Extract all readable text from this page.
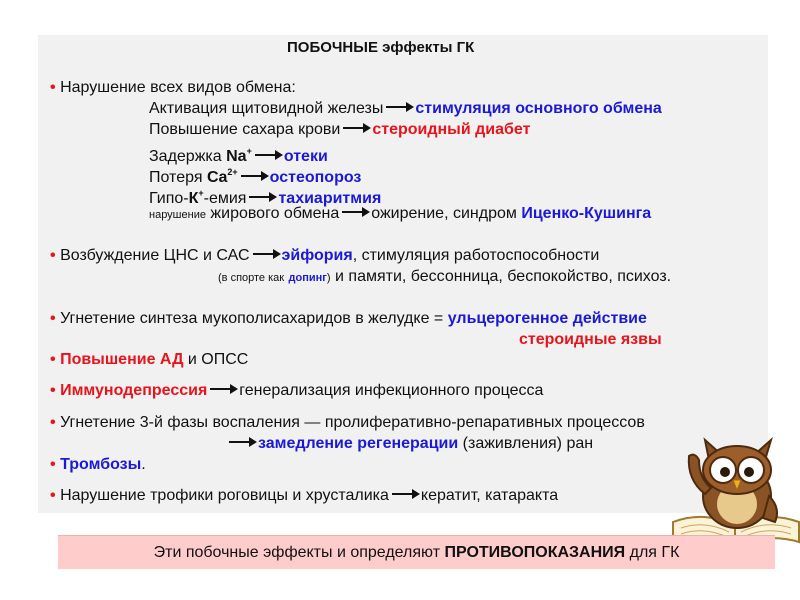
ПОБОЧНЫЕ эффекты ГК
• Нарушение всех видов обмена:
Активация щитовидной железы стимуляция основного обмена
Повышение сахара крови стероидный диабет
Задержка Na+ отеки
Потеря $Ca^{2+}$ остеопороз
Гипо-К+-емия тахиаритмия
нарушение жирового обмена ожирение, синдром Иценко-Кушинга
• Возбуждение ЦНС и САС эйфория, стимуляция работоспособности
(в спорте как допинг) и памяти, бессонница, беспокойство, психоз.
• Угнетение синтеза мукополисахаридов в желудке = ульцерогенное действие
стероидные язвы
• Повышение АД и ОПСС
• Иммунодепрессия генерализация инфекционного процесса
• Угнетение 3-й фазы воспаления — пролиферативно-репаративных процессов
замедление регенерации (заживления) ран
• Тромбозы.
• Нарушение трофики роговицы и хрусталика кератит, катаракта
Эти побочные эффекты и определяют ПРОТИВОПОКАЗАНИЯ для ГК
